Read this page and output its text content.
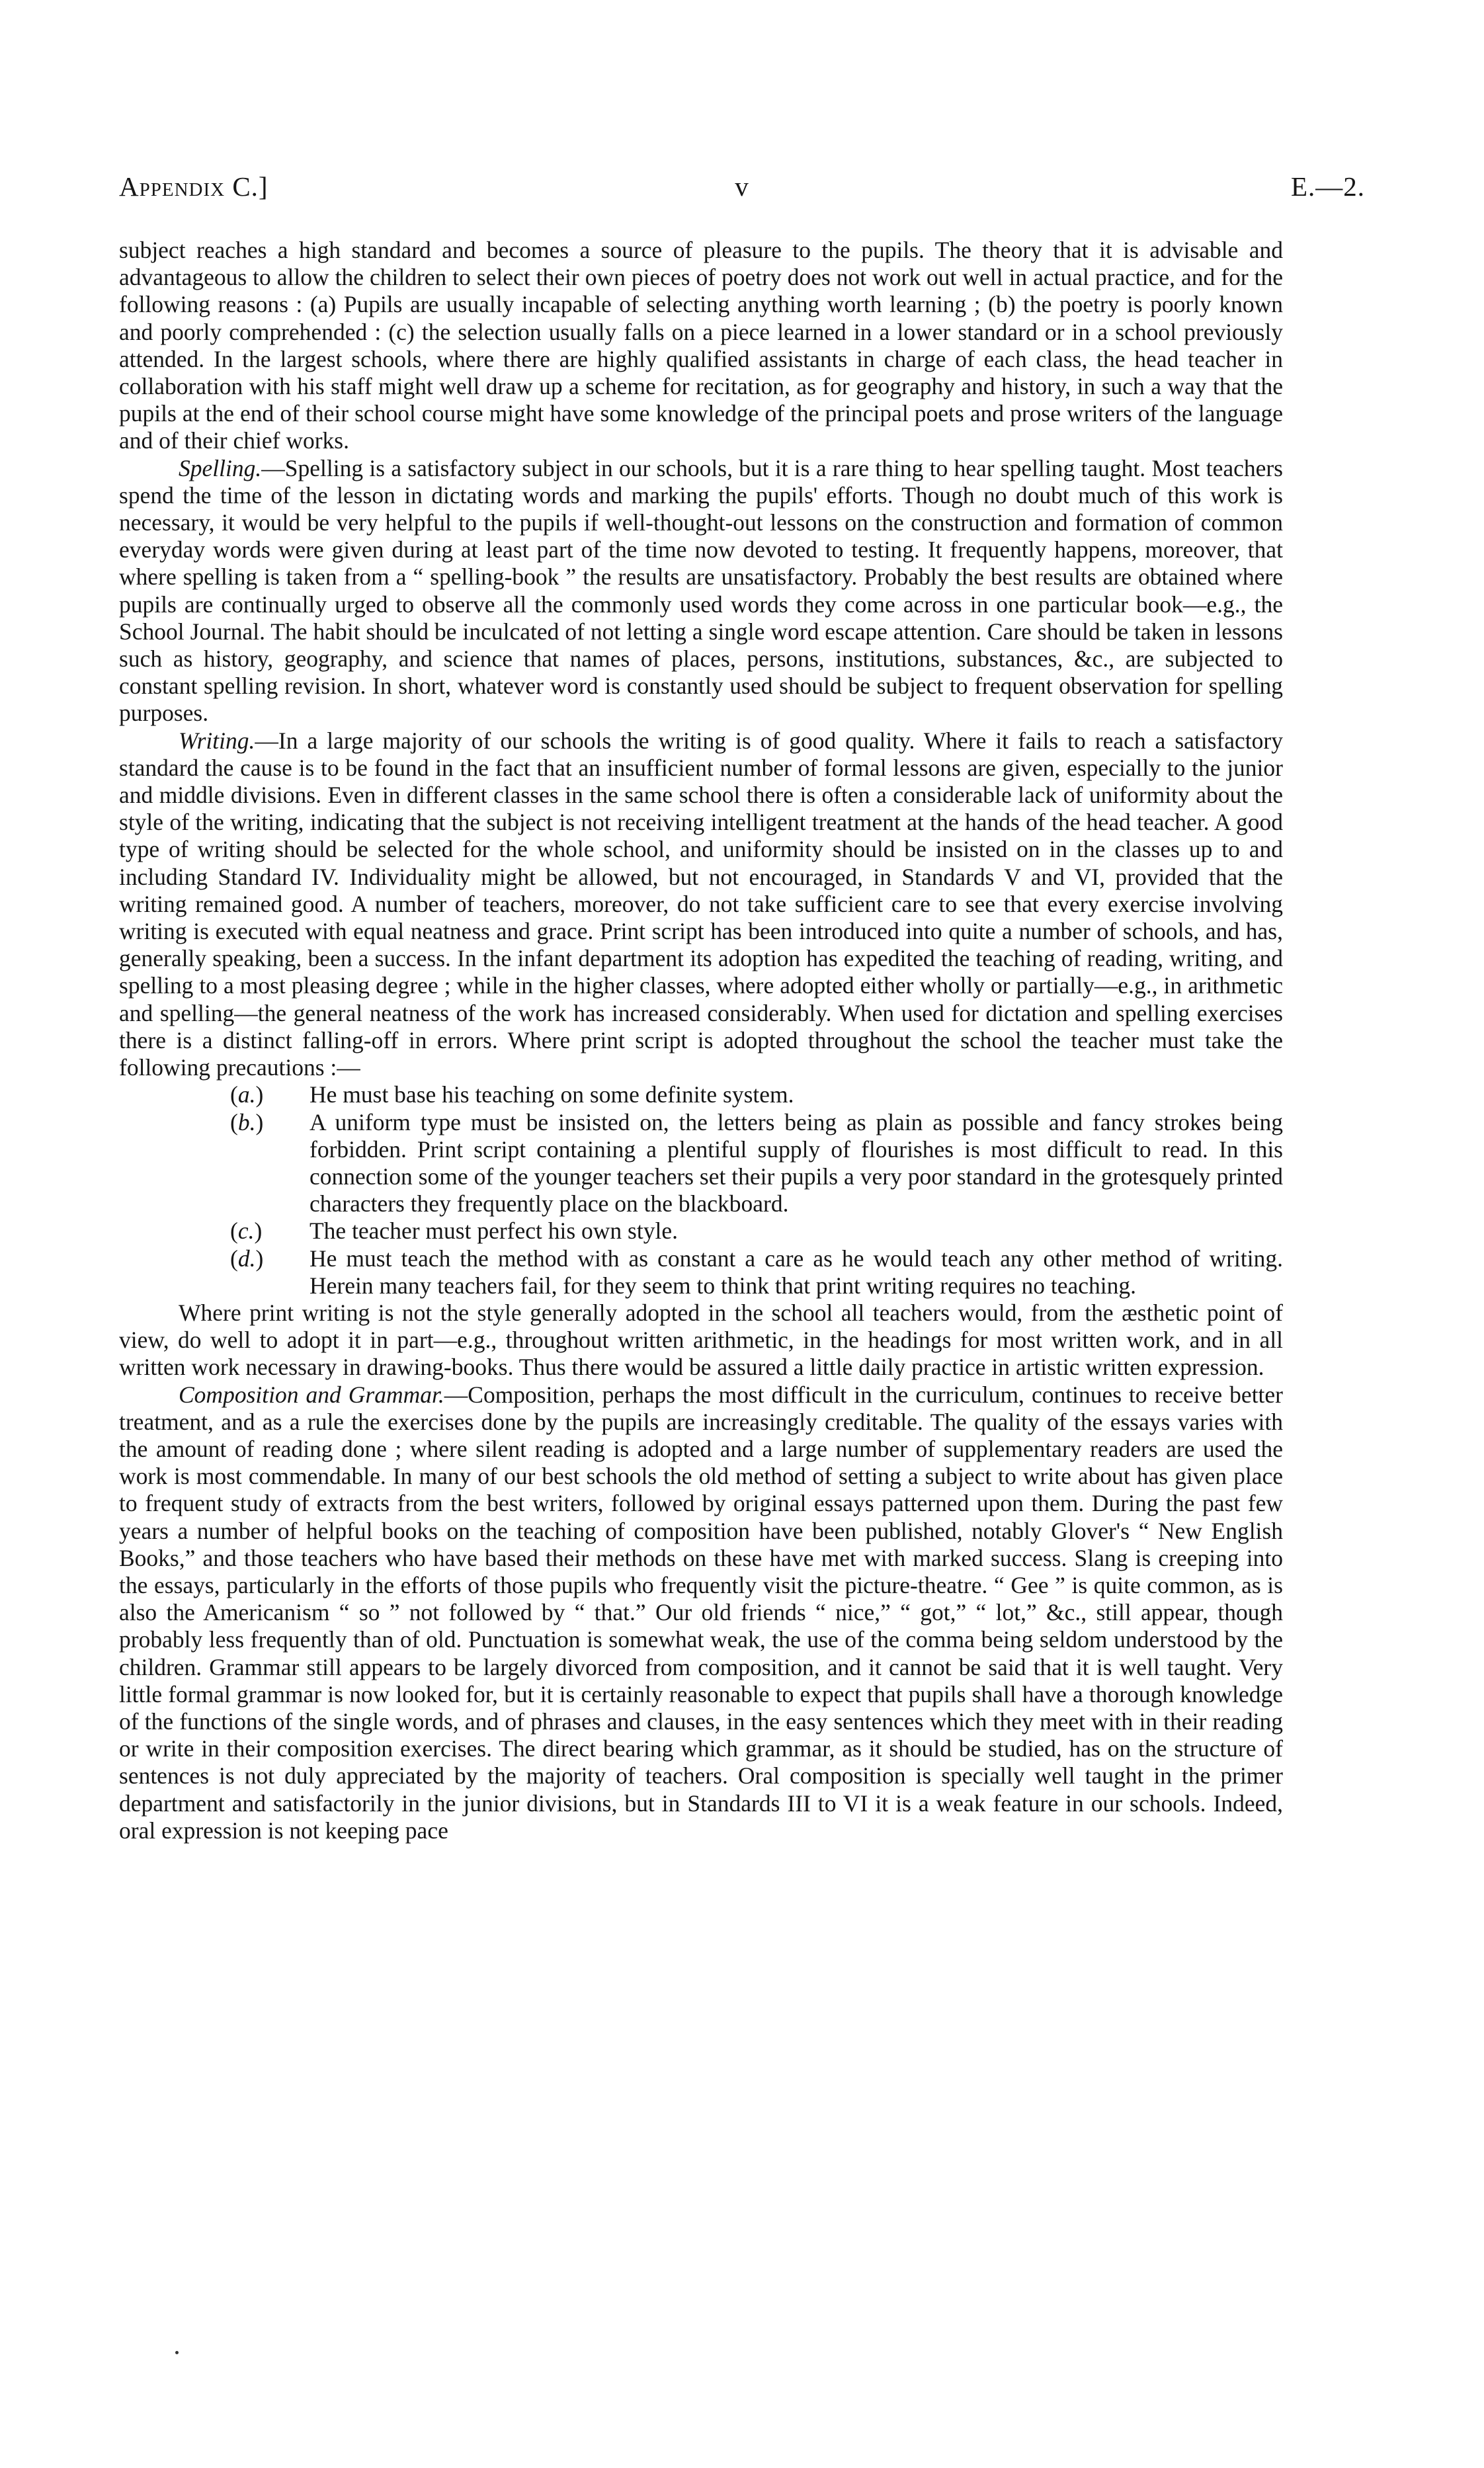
Appendix C.]	v	E.—2.

subject reaches a high standard and becomes a source of pleasure to the pupils. The theory that it is advisable and advantageous to allow the children to select their own pieces of poetry does not work out well in actual practice, and for the following reasons : (a) Pupils are usually incapable of selecting anything worth learning ; (b) the poetry is poorly known and poorly comprehended : (c) the selection usually falls on a piece learned in a lower standard or in a school previously attended. In the largest schools, where there are highly qualified assistants in charge of each class, the head teacher in collaboration with his staff might well draw up a scheme for recitation, as for geography and history, in such a way that the pupils at the end of their school course might have some knowledge of the principal poets and prose writers of the language and of their chief works.

Spelling.—Spelling is a satisfactory subject in our schools, but it is a rare thing to hear spelling taught. Most teachers spend the time of the lesson in dictating words and marking the pupils' efforts. Though no doubt much of this work is necessary, it would be very helpful to the pupils if well-thought-out lessons on the construction and formation of common everyday words were given during at least part of the time now devoted to testing. It frequently happens, moreover, that where spelling is taken from a “ spelling-book ” the results are unsatisfactory. Probably the best results are obtained where pupils are continually urged to observe all the commonly used words they come across in one particular book—e.g., the School Journal. The habit should be inculcated of not letting a single word escape attention. Care should be taken in lessons such as history, geography, and science that names of places, persons, institutions, substances, &c., are subjected to constant spelling revision. In short, whatever word is constantly used should be subject to frequent observation for spelling purposes.

Writing.—In a large majority of our schools the writing is of good quality. Where it fails to reach a satisfactory standard the cause is to be found in the fact that an insufficient number of formal lessons are given, especially to the junior and middle divisions. Even in different classes in the same school there is often a considerable lack of uniformity about the style of the writing, indicating that the subject is not receiving intelligent treatment at the hands of the head teacher. A good type of writing should be selected for the whole school, and uniformity should be insisted on in the classes up to and including Standard IV. Individuality might be allowed, but not encouraged, in Standards V and VI, provided that the writing remained good. A number of teachers, moreover, do not take sufficient care to see that every exercise involving writing is executed with equal neatness and grace. Print script has been introduced into quite a number of schools, and has, generally speaking, been a success. In the infant department its adoption has expedited the teaching of reading, writing, and spelling to a most pleasing degree ; while in the higher classes, where adopted either wholly or partially—e.g., in arithmetic and spelling—the general neatness of the work has increased considerably. When used for dictation and spelling exercises there is a distinct falling-off in errors. Where print script is adopted throughout the school the teacher must take the following precautions :—

(a.) He must base his teaching on some definite system.
(b.) A uniform type must be insisted on, the letters being as plain as possible and fancy strokes being forbidden. Print script containing a plentiful supply of flourishes is most difficult to read. In this connection some of the younger teachers set their pupils a very poor standard in the grotesquely printed characters they frequently place on the blackboard.
(c.) The teacher must perfect his own style.
(d.) He must teach the method with as constant a care as he would teach any other method of writing. Herein many teachers fail, for they seem to think that print writing requires no teaching.

Where print writing is not the style generally adopted in the school all teachers would, from the æsthetic point of view, do well to adopt it in part—e.g., throughout written arithmetic, in the headings for most written work, and in all written work necessary in drawing-books. Thus there would be assured a little daily practice in artistic written expression.

Composition and Grammar.—Composition, perhaps the most difficult in the curriculum, continues to receive better treatment, and as a rule the exercises done by the pupils are increasingly creditable. The quality of the essays varies with the amount of reading done ; where silent reading is adopted and a large number of supplementary readers are used the work is most commendable. In many of our best schools the old method of setting a subject to write about has given place to frequent study of extracts from the best writers, followed by original essays patterned upon them. During the past few years a number of helpful books on the teaching of composition have been published, notably Glover's “ New English Books,” and those teachers who have based their methods on these have met with marked success. Slang is creeping into the essays, particularly in the efforts of those pupils who frequently visit the picture-theatre. “ Gee ” is quite common, as is also the Americanism “ so ” not followed by “ that.” Our old friends “ nice,” “ got,” “ lot,” &c., still appear, though probably less frequently than of old. Punctuation is somewhat weak, the use of the comma being seldom understood by the children. Grammar still appears to be largely divorced from composition, and it cannot be said that it is well taught. Very little formal grammar is now looked for, but it is certainly reasonable to expect that pupils shall have a thorough knowledge of the functions of the single words, and of phrases and clauses, in the easy sentences which they meet with in their reading or write in their composition exercises. The direct bearing which grammar, as it should be studied, has on the structure of sentences is not duly appreciated by the majority of teachers. Oral composition is specially well taught in the primer department and satisfactorily in the junior divisions, but in Standards III to VI it is a weak feature in our schools. Indeed, oral expression is not keeping pace
